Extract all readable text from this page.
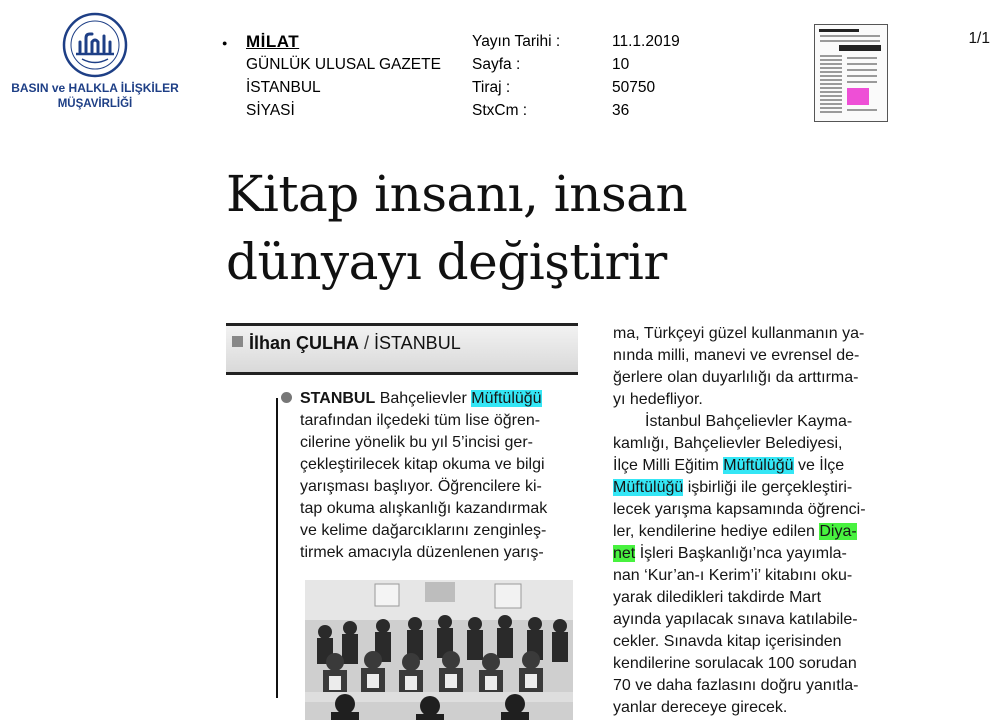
BASIN ve HALKLA İLİŞKİLER
MÜŞAVİRLİĞİ
● MİLAT
GÜNLÜK ULUSAL GAZETE
İSTANBUL
SİYASİ
Yayın Tarihi :
Sayfa :
Tiraj :
StxCm :
11.1.2019
10
50750
36
1/1
Kitap insanı, insan
dünyayı değiştirir
İlhan ÇULHA / İSTANBUL
STANBUL Bahçelievler Müftülüğü
tarafından ilçedeki tüm lise öğren-
cilerine yönelik bu yıl 5’incisi ger-
çekleştirilecek kitap okuma ve bilgi
yarışması başlıyor. Öğrencilere ki-
tap okuma alışkanlığı kazandırmak
ve kelime dağarcıklarını zenginleş-
tirmek amacıyla düzenlenen yarış-
ma, Türkçeyi güzel kullanmanın ya-
nında milli, manevi ve evrensel de-
ğerlere olan duyarlılığı da arttırma-
yı hedefliyor.
İstanbul Bahçelievler Kayma-
kamlığı, Bahçelievler Belediyesi,
İlçe Milli Eğitim Müftülüğü ve İlçe
Müftülüğü işbirliği ile gerçekleştiri-
lecek yarışma kapsamında öğrenci-
ler, kendilerine hediye edilen Diya-
net İşleri Başkanlığı’nca yayımla-
nan ‘Kur’an-ı Kerim’i’ kitabını oku-
yarak diledikleri takdirde Mart
ayında yapılacak sınava katılabile-
cekler. Sınavda kitap içerisinden
kendilerine sorulacak 100 sorudan
70 ve daha fazlasını doğru yanıtla-
yanlar dereceye girecek.
